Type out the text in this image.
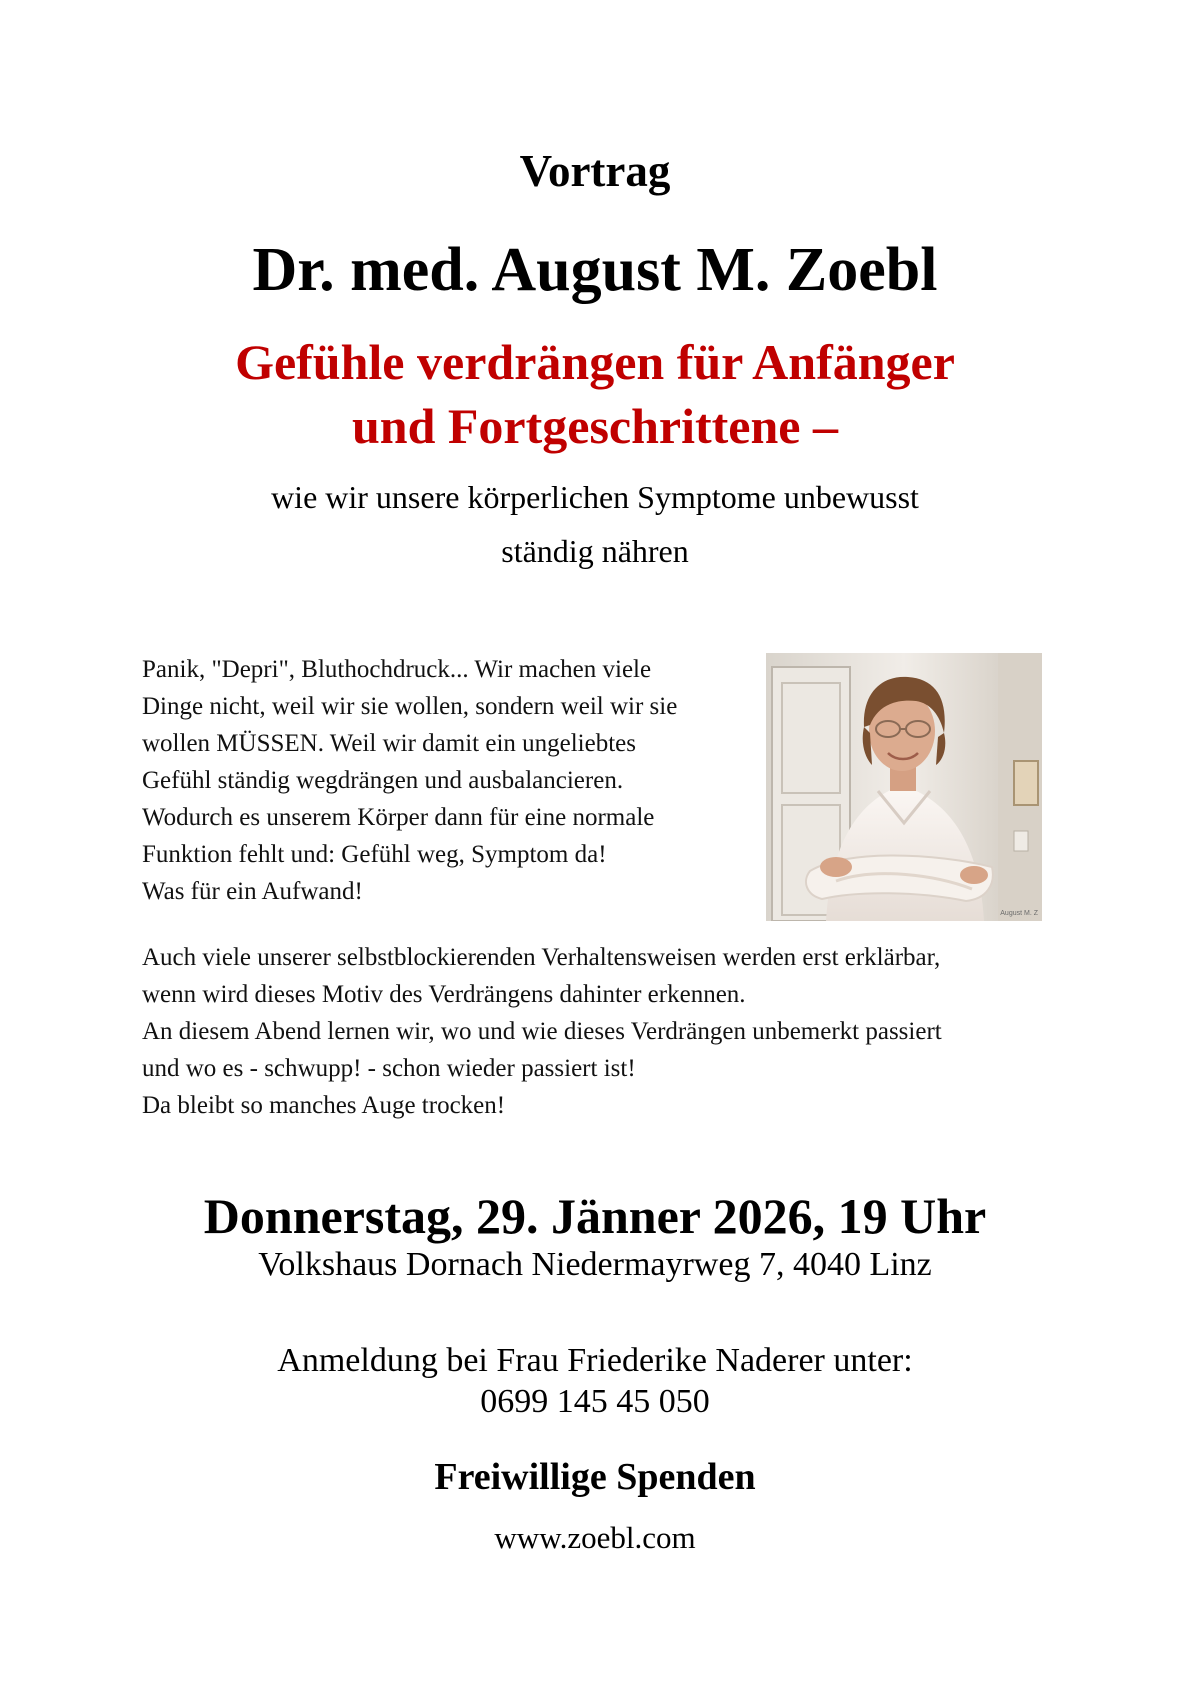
Vortrag
Dr. med. August M. Zoebl
Gefühle verdrängen für Anfänger
und Fortgeschrittene –
wie wir unsere körperlichen Symptome unbewusst
ständig nähren
Panik, "Depri", Bluthochdruck... Wir machen viele
Dinge nicht, weil wir sie wollen, sondern weil wir sie
wollen MÜSSEN. Weil wir damit ein ungeliebtes
Gefühl ständig wegdrängen und ausbalancieren.
Wodurch es unserem Körper dann für eine normale
Funktion fehlt und: Gefühl weg, Symptom da!
Was für ein Aufwand!
August M. Z
Auch viele unserer selbstblockierenden Verhaltensweisen werden erst erklärbar,
wenn wird dieses Motiv des Verdrängens dahinter erkennen.
An diesem Abend lernen wir, wo und wie dieses Verdrängen unbemerkt passiert
und wo es - schwupp! - schon wieder passiert ist!
Da bleibt so manches Auge trocken!
Donnerstag, 29. Jänner 2026, 19 Uhr
Volkshaus Dornach Niedermayrweg 7, 4040 Linz
Anmeldung bei Frau Friederike Naderer unter:
0699 145 45 050
Freiwillige Spenden
www.zoebl.com
